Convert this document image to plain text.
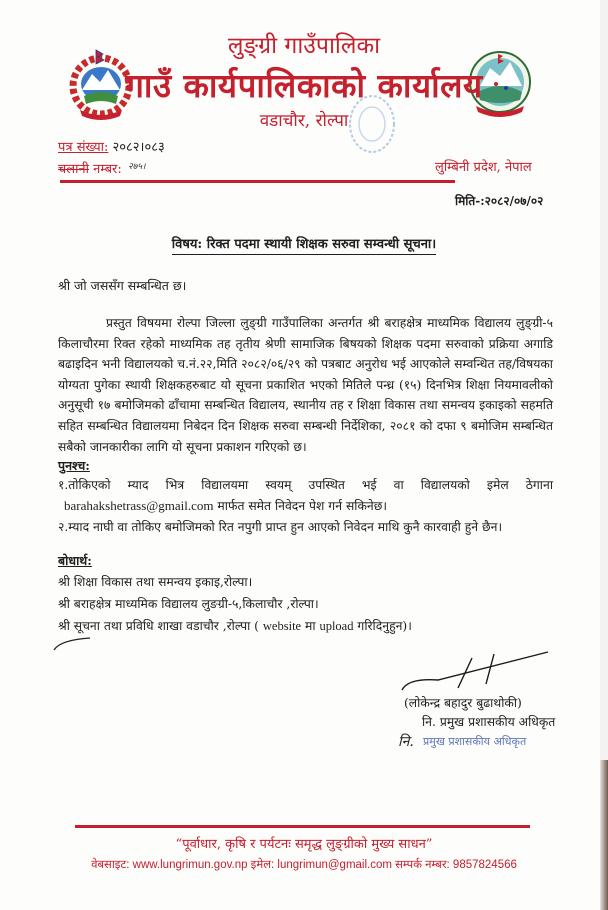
लुङ्ग्री गाउँपालिका
गाउँ कार्यपालिकाको कार्यालय
वडाचौर, रोल्पा
पत्र संख्या: २०८२।०८३
चलानी नम्बर: २७५।	लुम्बिनी प्रदेश, नेपाल
मिति-:२०८२/०७/०२
विषय: रिक्त पदमा स्थायी शिक्षक सरुवा सम्वन्धी सूचना।
श्री जो जससँग सम्बन्धित छ।

प्रस्तुत विषयमा रोल्पा जिल्ला लुङ्ग्री गाउँपालिका अन्तर्गत श्री बराहक्षेत्र माध्यमिक विद्यालय लुङ्ग्री-५ किलाचौरमा रिक्त रहेको माध्यमिक तह तृतीय श्रेणी सामाजिक बिषयको शिक्षक पदमा सरुवाको प्रक्रिया अगाडि बढाइदिन भनी विद्यालयको च.नं.२२,मिति २०८२/०६/२९ को पत्रबाट अनुरोध भई आएकोले सम्वन्धित तह/विषयका योग्यता पुगेका स्थायी शिक्षकहरुबाट यो सूचना प्रकाशित भएको मितिले पन्ध्र (१५) दिनभित्र शिक्षा नियमावलीको अनुसूची १७ बमोजिमको ढाँचामा सम्बन्धित विद्यालय, स्थानीय तह र शिक्षा विकास तथा समन्वय इकाइको सहमति सहित सम्बन्धित विद्यालयमा निबेदन दिन शिक्षक सरुवा सम्बन्धी निर्देशिका, २०८१ को दफा ९ बमोजिम सम्बन्धित सबैको जानकारीका लागि यो सूचना प्रकाशन गरिएको छ।

पुनश्च:
१.तोकिएको म्याद भित्र विद्यालयमा स्वयम् उपस्थित भई वा विद्यालयको इमेल ठेगाना
barahakshetrass@gmail.com मार्फत समेत निवेदन पेश गर्न सकिनेछ।
२.म्याद नाघी वा तोकिए बमोजिमको रित नपुगी प्राप्त हुन आएको निवेदन माथि कुनै कारवाही हुने छैन।
बोधार्थ:
श्री शिक्षा विकास तथा समन्वय इकाइ,रोल्पा।
श्री बराहक्षेत्र माध्यमिक विद्यालय लुङग्री-५,किलाचौर ,रोल्पा।
श्री सूचना तथा प्रविधि शाखा वडाचौर ,रोल्पा ( website मा upload गरिदिनुहुन)।
(लोकेन्द्र बहादुर बुढाथोकी)
नि. प्रमुख प्रशासकीय अधिकृत
नि. प्रमुख प्रशासकीय अधिकृत
“पूर्वाधार, कृषि र पर्यटनः समृद्ध लुङ्ग्रीको मुख्य साधन”
वेबसाइट: www.lungrimun.gov.np इमेल: lungrimun@gmail.com सम्पर्क नम्बर: 9857824566
